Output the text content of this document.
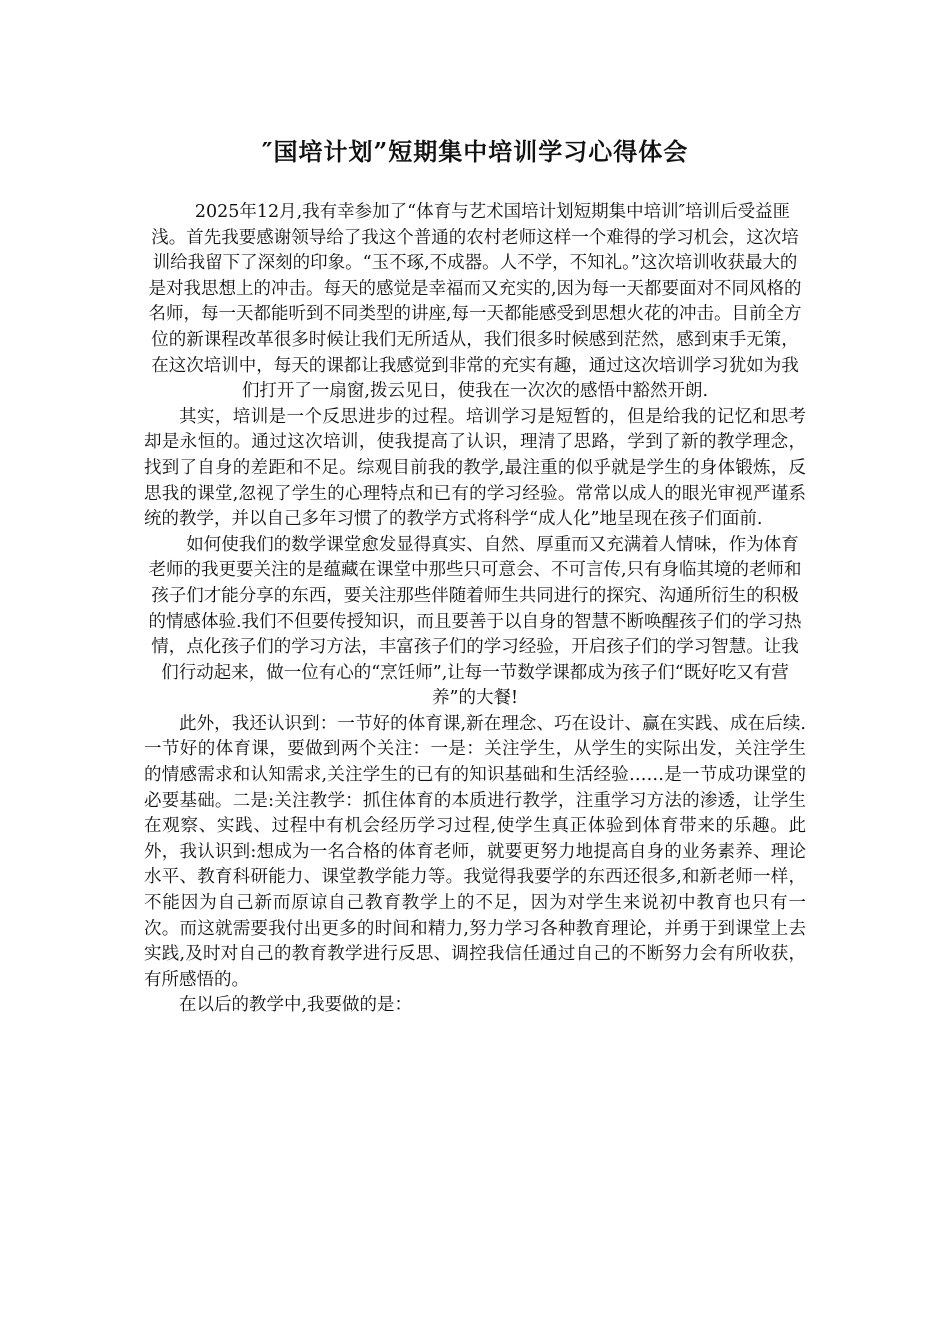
″国培计划”短期集中培训学习心得体会

2025年12月,我有幸参加了“体育与艺术国培计划短期集中培训″培训后受益匪浅。首先我要感谢领导给了我这个普通的农村老师这样一个难得的学习机会，这次培训给我留下了深刻的印象。“玉不琢,不成器。人不学，不知礼。”这次培训收获最大的是对我思想上的冲击。每天的感觉是幸福而又充实的,因为每一天都要面对不同风格的名师，每一天都能听到不同类型的讲座,每一天都能感受到思想火花的冲击。目前全方位的新课程改革很多时候让我们无所适从，我们很多时候感到茫然，感到束手无策，在这次培训中，每天的课都让我感觉到非常的充实有趣，通过这次培训学习犹如为我们打开了一扇窗,拨云见日，使我在一次次的感悟中豁然开朗.

其实，培训是一个反思进步的过程。培训学习是短暂的，但是给我的记忆和思考却是永恒的。通过这次培训，使我提高了认识，理清了思路，学到了新的教学理念，找到了自身的差距和不足。综观目前我的教学,最注重的似乎就是学生的身体锻炼，反思我的课堂,忽视了学生的心理特点和已有的学习经验。常常以成人的眼光审视严谨系统的教学，并以自己多年习惯了的教学方式将科学“成人化”地呈现在孩子们面前.

如何使我们的数学课堂愈发显得真实、自然、厚重而又充满着人情味，作为体育老师的我更要关注的是蕴藏在课堂中那些只可意会、不可言传,只有身临其境的老师和孩子们才能分享的东西，要关注那些伴随着师生共同进行的探究、沟通所衍生的积极的情感体验.我们不但要传授知识，而且要善于以自身的智慧不断唤醒孩子们的学习热情，点化孩子们的学习方法，丰富孩子们的学习经验，开启孩子们的学习智慧。让我们行动起来，做一位有心的“烹饪师”,让每一节数学课都成为孩子们“既好吃又有营养”的大餐!

此外，我还认识到：一节好的体育课,新在理念、巧在设计、赢在实践、成在后续.一节好的体育课，要做到两个关注：一是：关注学生，从学生的实际出发，关注学生的情感需求和认知需求,关注学生的已有的知识基础和生活经验……是一节成功课堂的必要基础。二是:关注教学：抓住体育的本质进行教学，注重学习方法的渗透，让学生在观察、实践、过程中有机会经历学习过程,使学生真正体验到体育带来的乐趣。此外，我认识到:想成为一名合格的体育老师，就要更努力地提高自身的业务素养、理论水平、教育科研能力、课堂教学能力等。我觉得我要学的东西还很多,和新老师一样，不能因为自己新而原谅自己教育教学上的不足，因为对学生来说初中教育也只有一次。而这就需要我付出更多的时间和精力,努力学习各种教育理论，并勇于到课堂上去实践,及时对自己的教育教学进行反思、调控我信任通过自己的不断努力会有所收获，有所感悟的。

在以后的教学中,我要做的是：
